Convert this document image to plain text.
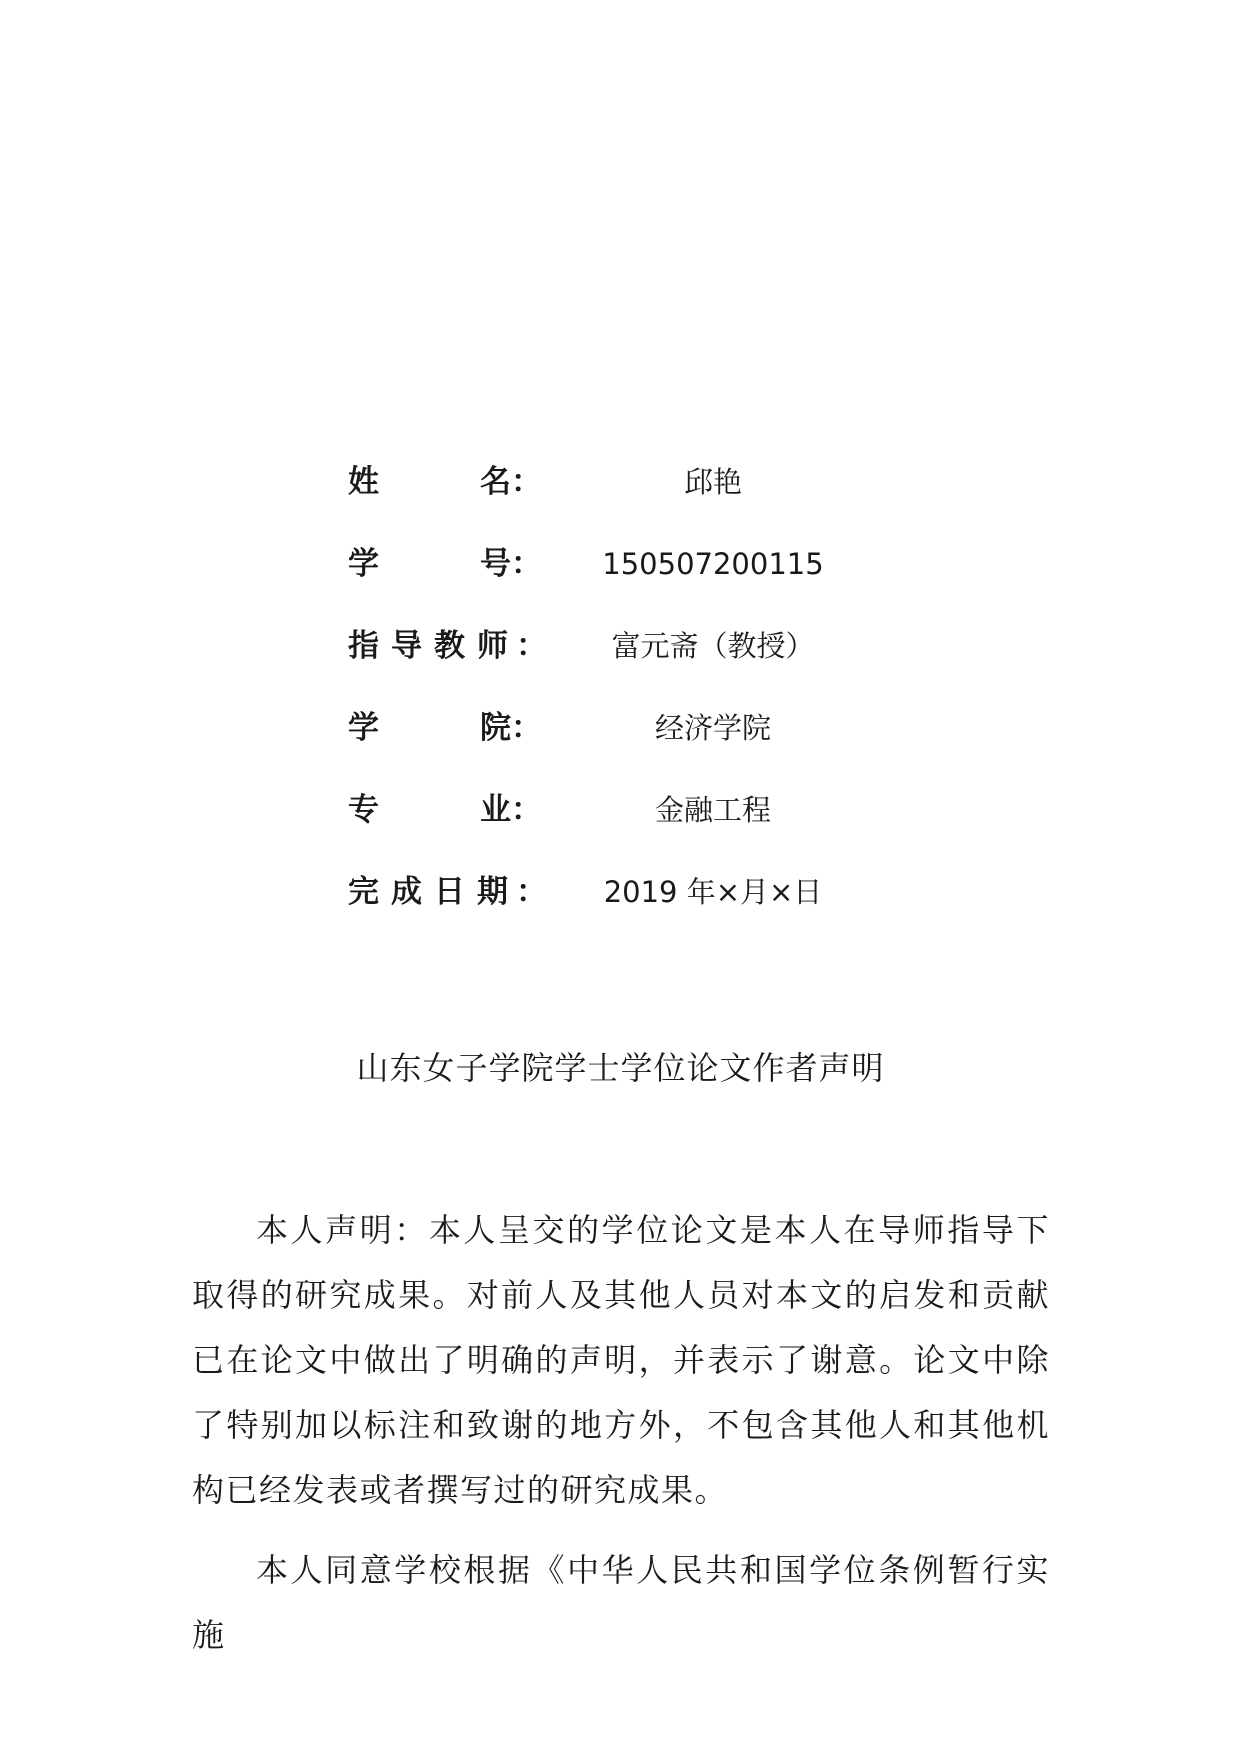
姓	名：	邱艳
学	号：	150507200115
指 导 教 师 ：	富元斋（教授）
学	院：	经济学院
专	业：	金融工程
完 成 日 期 ：	2019 年×月×日
山东女子学院学士学位论文作者声明

本人声明：本人呈交的学位论文是本人在导师指导下取得的研究成果。对前人及其他人员对本文的启发和贡献已在论文中做出了明确的声明，并表示了谢意。论文中除了特别加以标注和致谢的地方外，不包含其他人和其他机构已经发表或者撰写过的研究成果。

本人同意学校根据《中华人民共和国学位条例暂行实施
